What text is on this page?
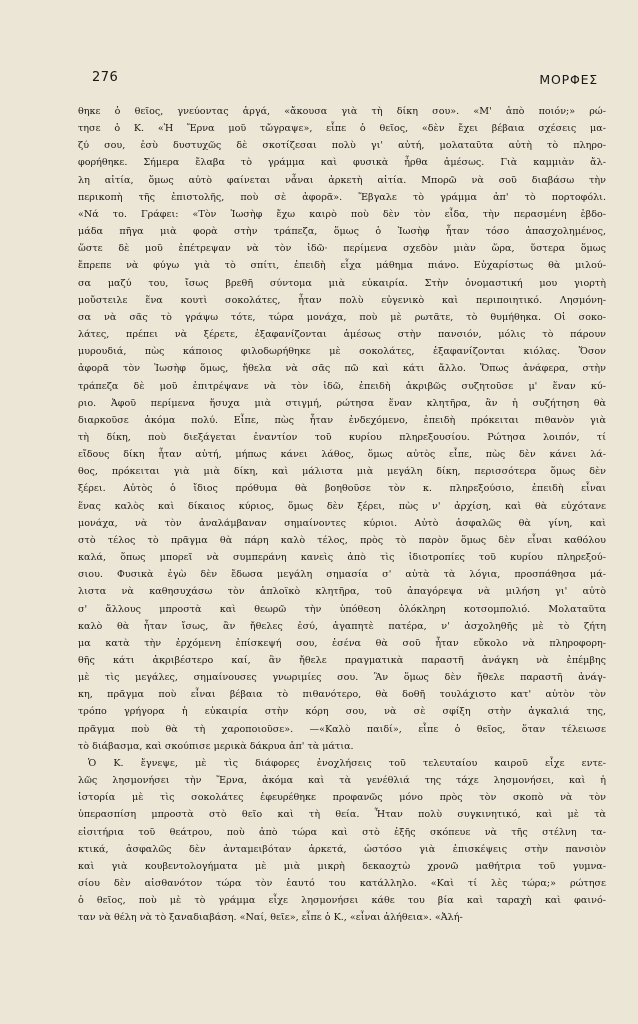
276	ΜΟΡΦΕΣ
θηκε ὁ θεῖος, γνεύοντας ἀργά, «ἄκουσα γιὰ τὴ δίκη σου». «Μ' ἀπὸ ποιόν;» ρώ-
τησε ὁ Κ. «Ἡ Ἔρνα μοῦ τὤγραψε», εἶπε ὁ θεῖος, «δὲν ἔχει βέβαια σχέσεις μα-
ζύ σου, ἐσὺ δυστυχῶς δὲ σκοτίζεσαι πολὺ γι' αὐτή, μολαταῦτα αὐτὴ τὸ πληρο-
φορήθηκε. Σήμερα ἔλαβα τὸ γράμμα καὶ φυσικὰ ἦρθα ἀμέσως. Γιὰ καμμιὰν ἄλ-
λη αἰτία, ὅμως αὐτὸ φαίνεται νἆναι ἀρκετὴ αἰτία. Μπορῶ νὰ σοῦ διαβάσω τὴν
περικοπὴ τῆς ἐπιστολῆς, ποὺ σὲ ἀφορᾶ». Ἔβγαλε τὸ γράμμα ἀπ' τὸ πορτοφόλι.
«Νά το. Γράφει: «Τὸν Ἰωσὴφ ἔχω καιρὸ ποὺ δὲν τὸν εἶδα, τὴν περασμένη ἑβδο-
μάδα πῆγα μιὰ φορὰ στὴν τράπεζα, ὅμως ὁ Ἰωσὴφ ἦταν τόσο ἀπασχολημένος,
ὥστε δὲ μοῦ ἐπέτρεψαν νὰ τὸν ἰδῶ· περίμενα σχεδὸν μιὰν ὥρα, ὕστερα ὅμως
ἔπρεπε νὰ φύγω γιὰ τὸ σπίτι, ἐπειδὴ εἶχα μάθημα πιάνο. Εὐχαρίστως θὰ μιλού-
σα μαζύ του, ἴσως βρεθῆ σύντομα μιὰ εὐκαιρία. Στὴν ὀνομαστική μου γιορτὴ
μοὔστειλε ἕνα κουτὶ σοκολάτες, ἦταν πολὺ εὐγενικὸ καὶ περιποιητικό. Λησμόνη-
σα νὰ σᾶς τὸ γράψω τότε, τώρα μονάχα, ποὺ μὲ ρωτᾶτε, τὸ θυμήθηκα. Οἱ σοκο-
λάτες, πρέπει νὰ ξέρετε, ἐξαφανίζονται ἀμέσως στὴν πανσιόν, μόλις τὸ πάρουν
μυρουδιά, πὼς κάποιος φιλοδωρήθηκε μὲ σοκολάτες, ἐξαφανίζονται κιόλας. Ὅσον
ἀφορᾶ τὸν Ἰωσὴφ ὅμως, ἤθελα νὰ σᾶς πῶ καὶ κάτι ἄλλο. Ὅπως ἀνάφερα, στὴν
τράπεζα δὲ μοῦ ἐπιτρέψανε νὰ τὸν ἰδῶ, ἐπειδὴ ἀκριβῶς συζητοῦσε μ' ἕναν κύ-
ριο. Ἀφοῦ περίμενα ἥσυχα μιὰ στιγμή, ρώτησα ἕναν κλητῆρα, ἂν ἡ συζήτηση θὰ
διαρκοῦσε ἀκόμα πολύ. Εἶπε, πὼς ἦταν ἐνδεχόμενο, ἐπειδὴ πρόκειται πιθανὸν γιὰ
τὴ δίκη, ποὺ διεξάγεται ἐναντίον τοῦ κυρίου πληρεξουσίου. Ρώτησα λοιπόν, τί
εἴδους δίκη ἦταν αὐτή, μήπως κάνει λάθος, ὅμως αὐτὸς εἶπε, πὼς δὲν κάνει λά-
θος, πρόκειται γιὰ μιὰ δίκη, καὶ μάλιστα μιὰ μεγάλη δίκη, περισσότερα ὅμως δὲν
ξέρει. Αὐτὸς ὁ ἴδιος πρόθυμα θὰ βοηθοῦσε τὸν κ. πληρεξούσιο, ἐπειδὴ εἶναι
ἕνας καλὸς καὶ δίκαιος κύριος, ὅμως δὲν ξέρει, πὼς ν' ἀρχίση, καὶ θὰ εὐχότανε
μονάχα, νὰ τὸν ἀναλάμβαναν σημαίνοντες κύριοι. Αὐτὸ ἀσφαλῶς θὰ γίνη, καὶ
στὸ τέλος τὸ πρᾶγμα θὰ πάρη καλὸ τέλος, πρὸς τὸ παρὸν ὅμως δὲν εἶναι καθόλου
καλά, ὅπως μπορεῖ νὰ συμπεράνη κανεὶς ἀπὸ τὶς ἰδιοτροπίες τοῦ κυρίου πληρεξού-
σιου. Φυσικὰ ἐγὼ δὲν ἔδωσα μεγάλη σημασία σ' αὐτὰ τὰ λόγια, προσπάθησα μά-
λιστα νὰ καθησυχάσω τὸν ἁπλοϊκὸ κλητῆρα, τοῦ ἀπαγόρεψα νὰ μιλήση γι' αὐτὸ
σ' ἄλλους μπροστὰ καὶ θεωρῶ τὴν ὑπόθεση ὁλόκληρη κοτσομπολιό. Μολαταῦτα
καλὸ θὰ ἦταν ἴσως, ἂν ἤθελες ἐσύ, ἀγαπητὲ πατέρα, ν' ἀσχοληθῆς μὲ τὸ ζήτη
μα κατὰ τὴν ἐρχόμενη ἐπίσκεψή σου, ἐσένα θὰ σοῦ ἦταν εὔκολο νὰ πληροφορη-
θῆς κάτι ἀκριβέστερο καί, ἂν ἤθελε πραγματικὰ παραστῆ ἀνάγκη νὰ ἐπέμβης
μὲ τὶς μεγάλες, σημαίνουσες γνωριμίες σου. Ἂν ὅμως δὲν ἤθελε παραστῆ ἀνάγ-
κη, πρᾶγμα ποὺ εἶναι βέβαια τὸ πιθανότερο, θὰ δοθῆ τουλάχιστο κατ' αὐτὸν τὸν
τρόπο γρήγορα ἡ εὐκαιρία στὴν κόρη σου, νὰ σὲ σφίξη στὴν ἀγκαλιά της,
πρᾶγμα ποὺ θὰ τὴ χαροποιοῦσε». —«Καλὸ παιδί», εἶπε ὁ θεῖος, ὅταν τέλειωσε
τὸ διάβασμα, καὶ σκούπισε μερικὰ δάκρυα ἀπ' τὰ μάτια.
Ὁ Κ. ἔγνεψε, μὲ τὶς διάφορες ἐνοχλήσεις τοῦ τελευταίου καιροῦ εἶχε εντε-
λῶς λησμονήσει τὴν Ἔρνα, ἀκόμα καὶ τὰ γενέθλιά της τάχε λησμονήσει, καὶ ἡ
ἱστορία μὲ τὶς σοκολάτες ἐφευρέθηκε προφανῶς μόνο πρὸς τὸν σκοπὸ νὰ τὸν
ὑπερασπίση μπροστὰ στὸ θεῖο καὶ τὴ θεία. Ἦταν πολὺ συγκινητικό, καὶ μὲ τὰ
εἰσιτήρια τοῦ θεάτρου, ποὺ ἀπὸ τώρα καὶ στὸ ἑξῆς σκόπευε νὰ τῆς στέλνη τα-
κτικά, ἀσφαλῶς δὲν ἀνταμειβόταν ἀρκετά, ὡστόσο γιὰ ἐπισκέψεις στὴν πανσιὸν
καὶ γιὰ κουβεντολογήματα μὲ μιὰ μικρὴ δεκαοχτὼ χρονῶ μαθήτρια τοῦ γυμνα-
σίου δὲν αἰσθανότον τώρα τὸν ἑαυτό του κατάλληλο. «Καὶ τί λὲς τώρα;» ρώτησε
ὁ θεῖος, ποὺ μὲ τὸ γράμμα εἶχε λησμονήσει κάθε του βία καὶ ταραχὴ καὶ φαινό-
ταν νὰ θέλη νὰ τὸ ξαναδιαβάση. «Ναί, θεῖε», εἶπε ὁ Κ., «εἶναι ἀλήθεια». «Ἀλή-
